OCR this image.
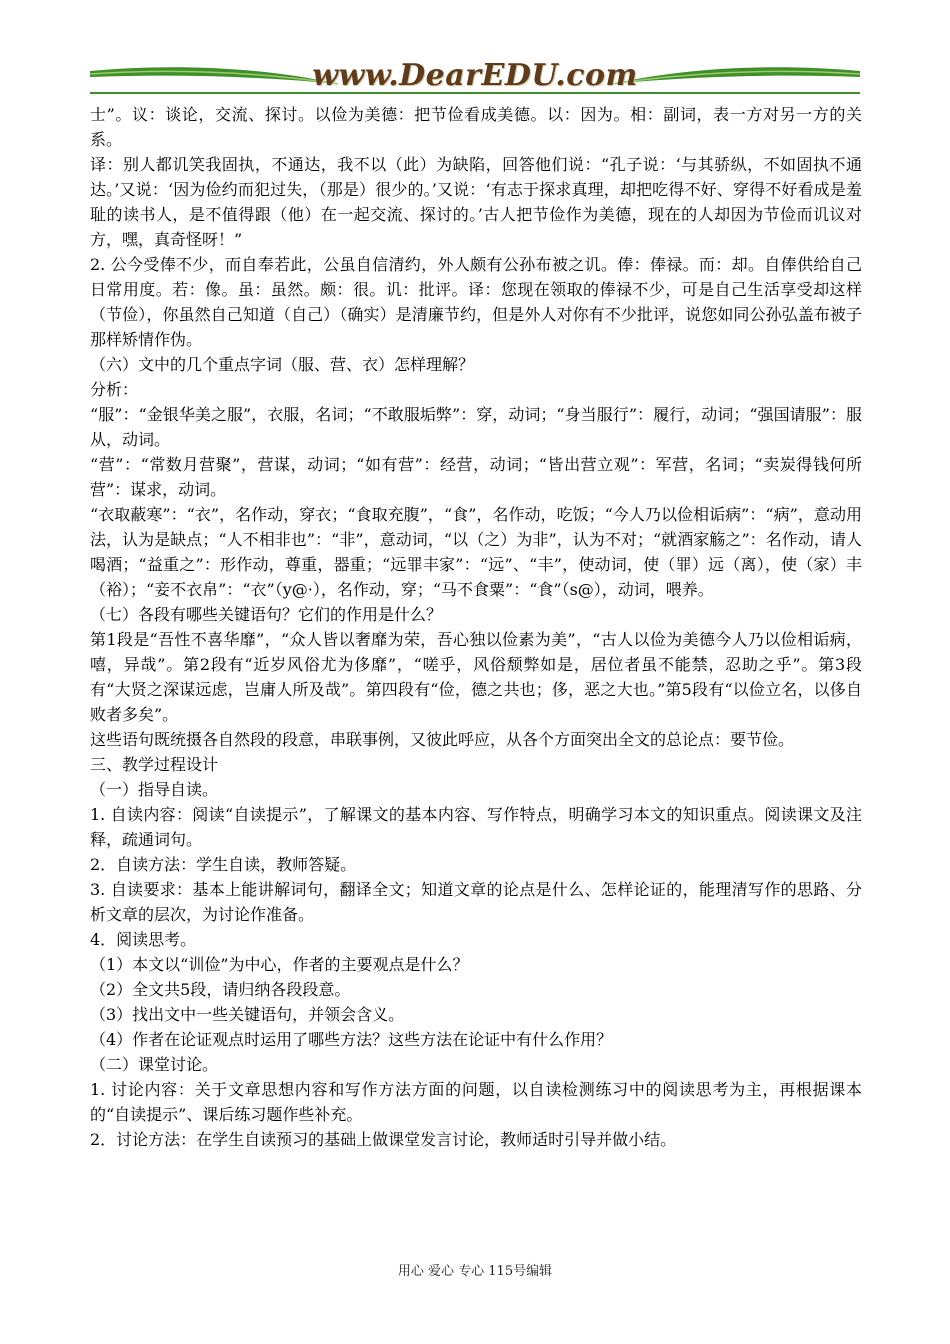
www.DearEDU.com

士”。议：谈论，交流、探讨。以俭为美德：把节俭看成美德。以：因为。相：副词，表一方对另一方的关系。

译：别人都讥笑我固执，不通达，我不以（此）为缺陷，回答他们说：“孔子说：‘与其骄纵，不如固执不通达。’又说：‘因为俭约而犯过失，（那是）很少的。’又说：‘有志于探求真理，却把吃得不好、穿得不好看成是羞耻的读书人，是不值得跟（他）在一起交流、探讨的。’古人把节俭作为美德，现在的人却因为节俭而讥议对方，嘿，真奇怪呀！”

2. 公今受俸不少，而自奉若此，公虽自信清约，外人颇有公孙布被之讥。俸：俸禄。而：却。自俸供给自己日常用度。若：像。虽：虽然。颇：很。讥：批评。译：您现在领取的俸禄不少，可是自己生活享受却这样（节俭），你虽然自己知道（自己）（确实）是清廉节约，但是外人对你有不少批评，说您如同公孙弘盖布被子那样矫情作伪。

（六）文中的几个重点字词（服、营、衣）怎样理解？

分析：

“服”：“金银华美之服”，衣服，名词；“不敢服垢弊”：穿，动词；“身当服行”：履行，动词；“强国请服”：服从，动词。

“营”：“常数月营聚”，营谋，动词；“如有营”：经营，动词；“皆出营立观”：军营，名词；“卖炭得钱何所营”：谋求，动词。

“衣取蔽寒”：“衣”，名作动，穿衣；“食取充腹”，“食”，名作动，吃饭；“今人乃以俭相诟病”：“病”，意动用法，认为是缺点；“人不相非也”：“非”，意动词，“以（之）为非”，认为不对；“就酒家觞之”：名作动，请人喝酒；“益重之”：形作动，尊重，器重；“远罪丰家”：“远”、“丰”，使动词，使（罪）远（离），使（家）丰（裕）；“妾不衣帛”：“衣”（y@·），名作动，穿；“马不食粟”：“食”（s@），动词，喂养。

（七）各段有哪些关键语句？它们的作用是什么？

第1段是“吾性不喜华靡”，“众人皆以奢靡为荣，吾心独以俭素为美”，“古人以俭为美德今人乃以俭相诟病，嘻，异哉”。第2段有“近岁风俗尤为侈靡”，“嗟乎，风俗颓弊如是，居位者虽不能禁，忍助之乎”。第3段有“大贤之深谋远虑，岂庸人所及哉”。第四段有“俭，德之共也；侈，恶之大也。”第5段有“以俭立名，以侈自败者多矣”。

这些语句既统摄各自然段的段意，串联事例，又彼此呼应，从各个方面突出全文的总论点：要节俭。

三、教学过程设计

（一）指导自读。

1. 自读内容：阅读“自读提示”，了解课文的基本内容、写作特点，明确学习本文的知识重点。阅读课文及注释，疏通词句。

2．自读方法：学生自读，教师答疑。

3. 自读要求：基本上能讲解词句，翻译全文；知道文章的论点是什么、怎样论证的，能理清写作的思路、分析文章的层次，为讨论作准备。

4．阅读思考。

（1）本文以“训俭”为中心，作者的主要观点是什么？

（2）全文共5段，请归纳各段段意。

（3）找出文中一些关键语句，并领会含义。

（4）作者在论证观点时运用了哪些方法？这些方法在论证中有什么作用？

（二）课堂讨论。

1. 讨论内容：关于文章思想内容和写作方法方面的问题，以自读检测练习中的阅读思考为主，再根据课本的“自读提示”、课后练习题作些补充。

2．讨论方法：在学生自读预习的基础上做课堂发言讨论，教师适时引导并做小结。

用心 爱心 专心 115号编辑
